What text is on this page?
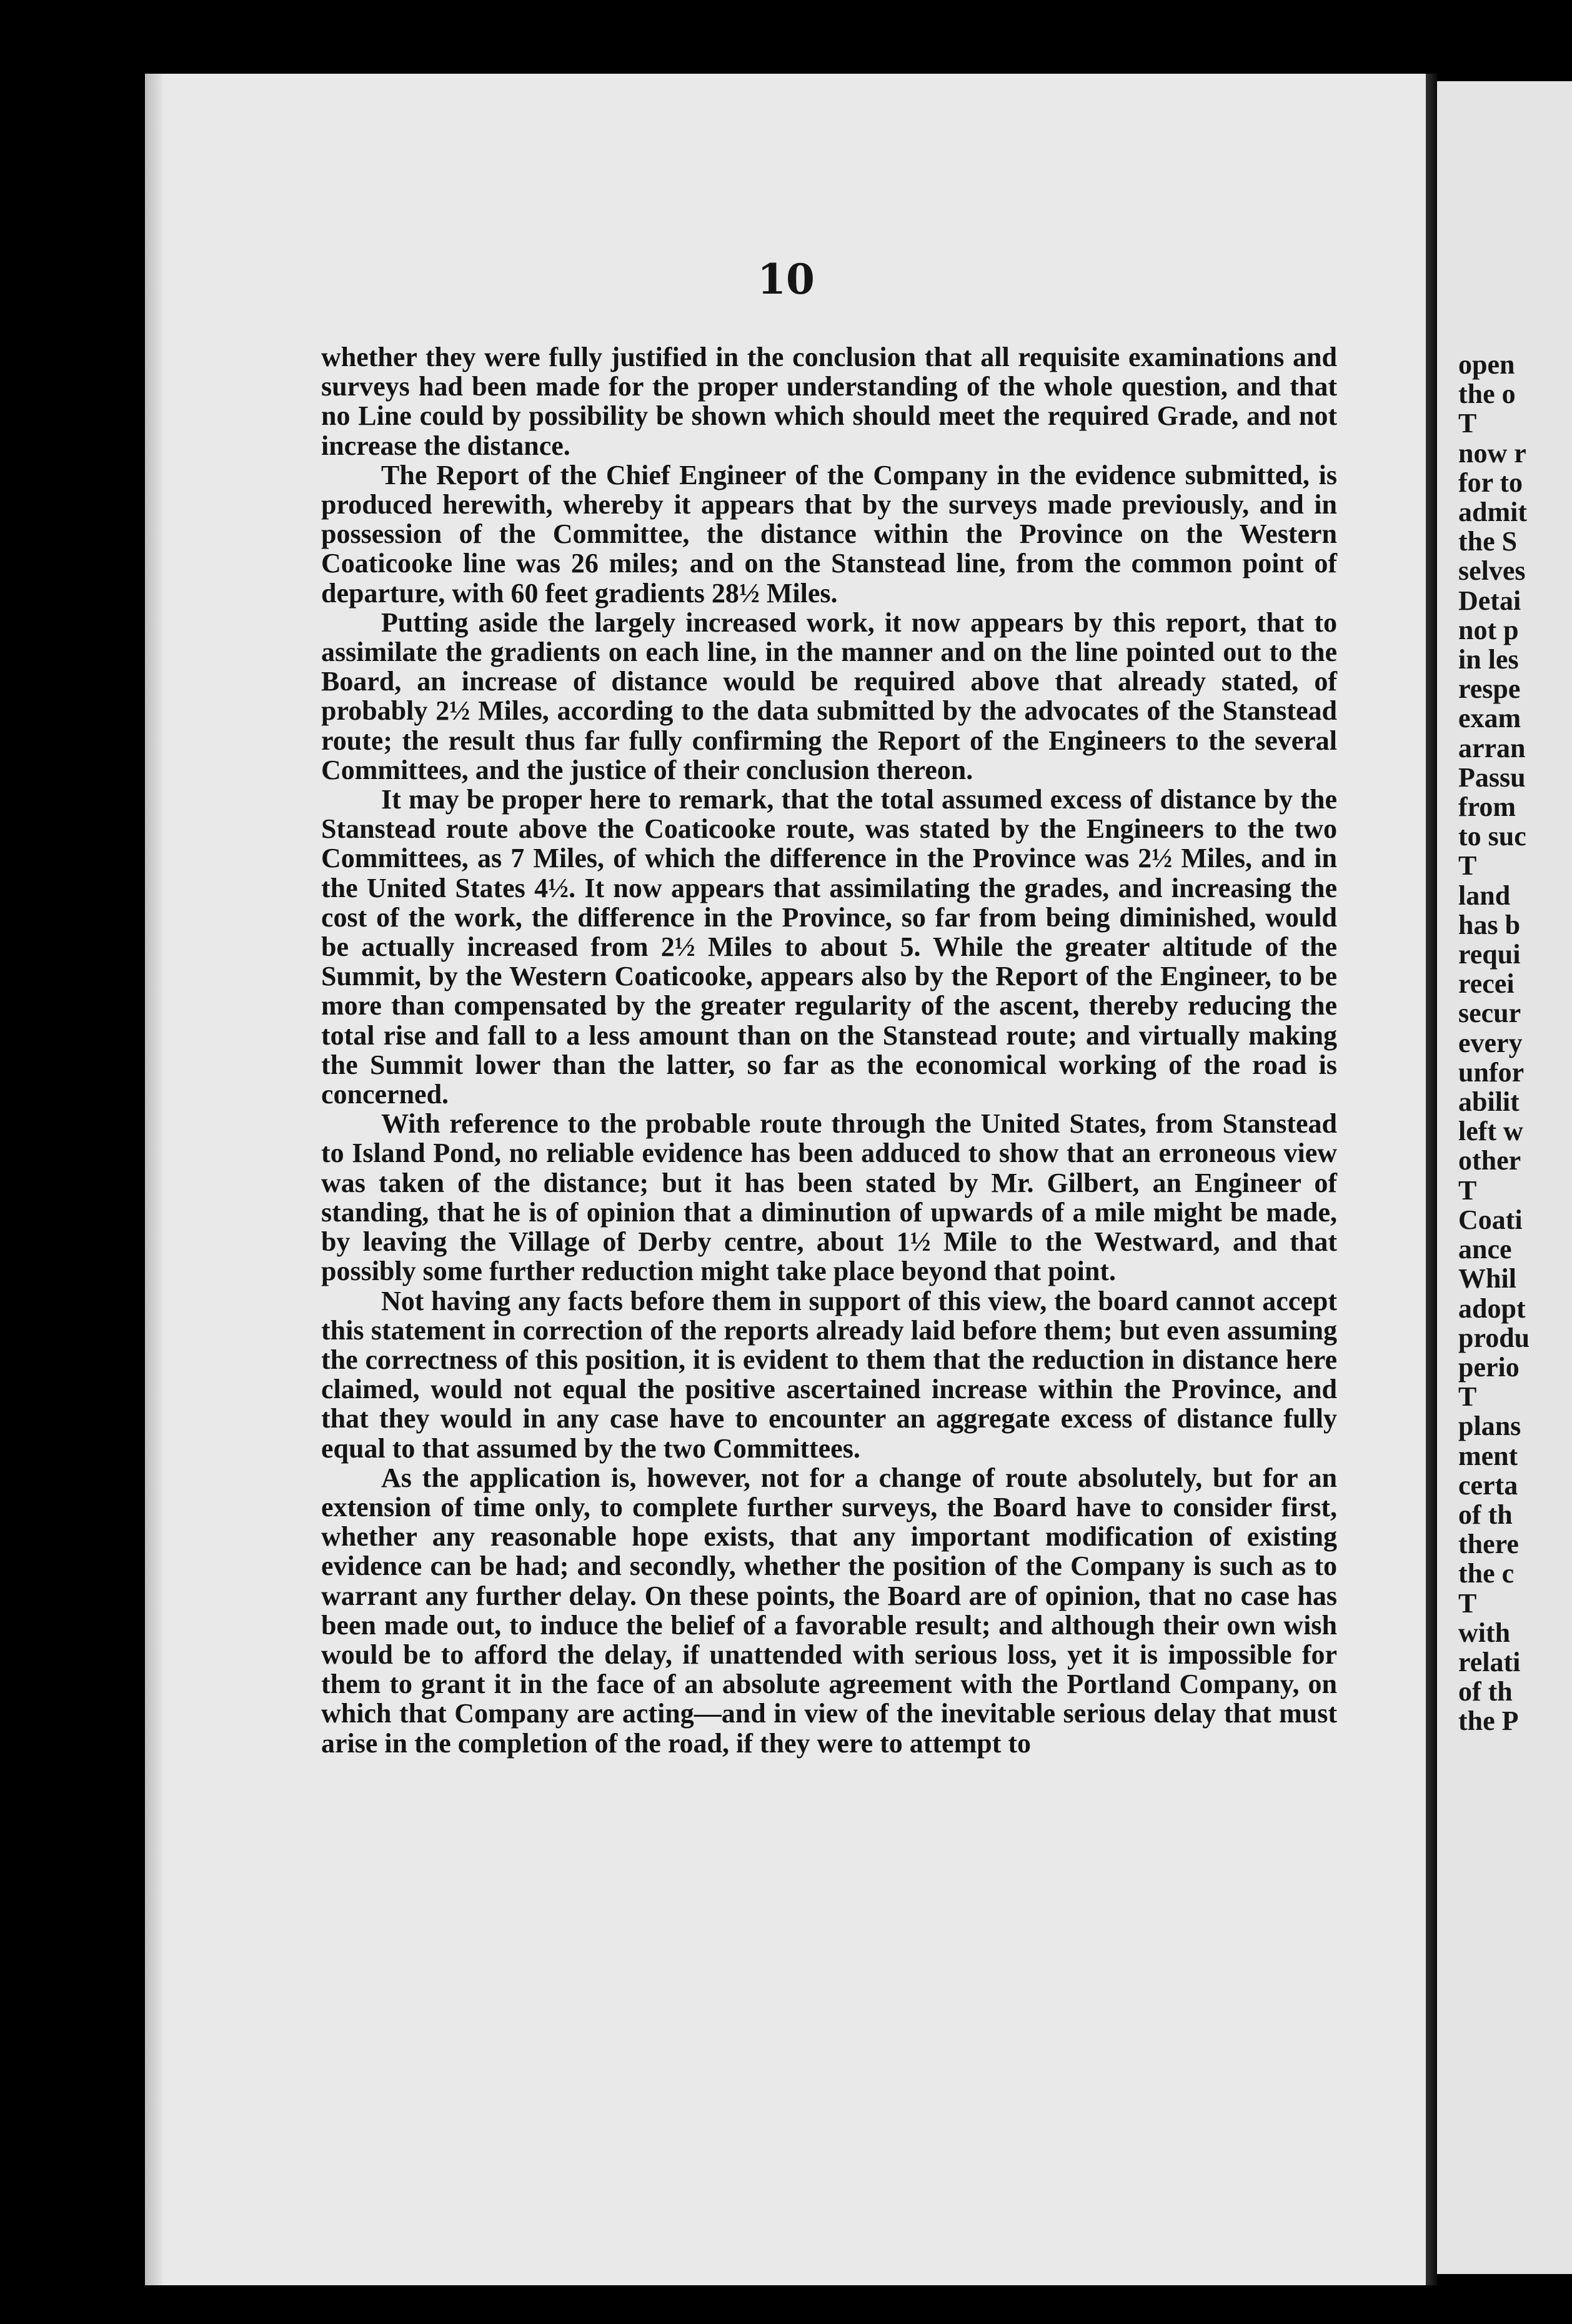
10

whether they were fully justified in the conclusion that all requisite examinations and surveys had been made for the proper understanding of the whole question, and that no Line could by possibility be shown which should meet the required Grade, and not increase the distance.

The Report of the Chief Engineer of the Company in the evidence submitted, is produced herewith, whereby it appears that by the surveys made previously, and in possession of the Committee, the distance within the Province on the Western Coaticooke line was 26 miles; and on the Stanstead line, from the common point of departure, with 60 feet gradients 28½ Miles.

Putting aside the largely increased work, it now appears by this report, that to assimilate the gradients on each line, in the manner and on the line pointed out to the Board, an increase of distance would be required above that already stated, of probably 2½ Miles, according to the data submitted by the advocates of the Stanstead route; the result thus far fully confirming the Report of the Engineers to the several Committees, and the justice of their conclusion thereon.

It may be proper here to remark, that the total assumed excess of distance by the Stanstead route above the Coaticooke route, was stated by the Engineers to the two Committees, as 7 Miles, of which the difference in the Province was 2½ Miles, and in the United States 4½. It now appears that assimilating the grades, and increasing the cost of the work, the difference in the Province, so far from being diminished, would be actually increased from 2½ Miles to about 5. While the greater altitude of the Summit, by the Western Coaticooke, appears also by the Report of the Engineer, to be more than compensated by the greater regularity of the ascent, thereby reducing the total rise and fall to a less amount than on the Stanstead route; and virtually making the Summit lower than the latter, so far as the economical working of the road is concerned.

With reference to the probable route through the United States, from Stanstead to Island Pond, no reliable evidence has been adduced to show that an erroneous view was taken of the distance; but it has been stated by Mr. Gilbert, an Engineer of standing, that he is of opinion that a diminution of upwards of a mile might be made, by leaving the Village of Derby centre, about 1½ Mile to the Westward, and that possibly some further reduction might take place beyond that point.

Not having any facts before them in support of this view, the board cannot accept this statement in correction of the reports already laid before them; but even assuming the correctness of this position, it is evident to them that the reduction in distance here claimed, would not equal the positive ascertained increase within the Province, and that they would in any case have to encounter an aggregate excess of distance fully equal to that assumed by the two Committees.

As the application is, however, not for a change of route absolutely, but for an extension of time only, to complete further surveys, the Board have to consider first, whether any reasonable hope exists, that any important modification of existing evidence can be had; and secondly, whether the position of the Company is such as to warrant any further delay. On these points, the Board are of opinion, that no case has been made out, to induce the belief of a favorable result; and although their own wish would be to afford the delay, if unattended with serious loss, yet it is impossible for them to grant it in the face of an absolute agreement with the Portland Company, on which that Company are acting—and in view of the inevitable serious delay that must arise in the completion of the road, if they were to attempt to

open
the o
T
now r
for to
admit
the S
selves
Detai
not p
in les
respe
exam
arran
Passu
from
to suc
T
land
has b
requi
recei
secur
every
unfor
abilit
left w
other
T
Coati
ance
Whil
adopt
produ
perio
T
plans
ment
certa
of th
there
the c
T
with
relati
of th
the P
